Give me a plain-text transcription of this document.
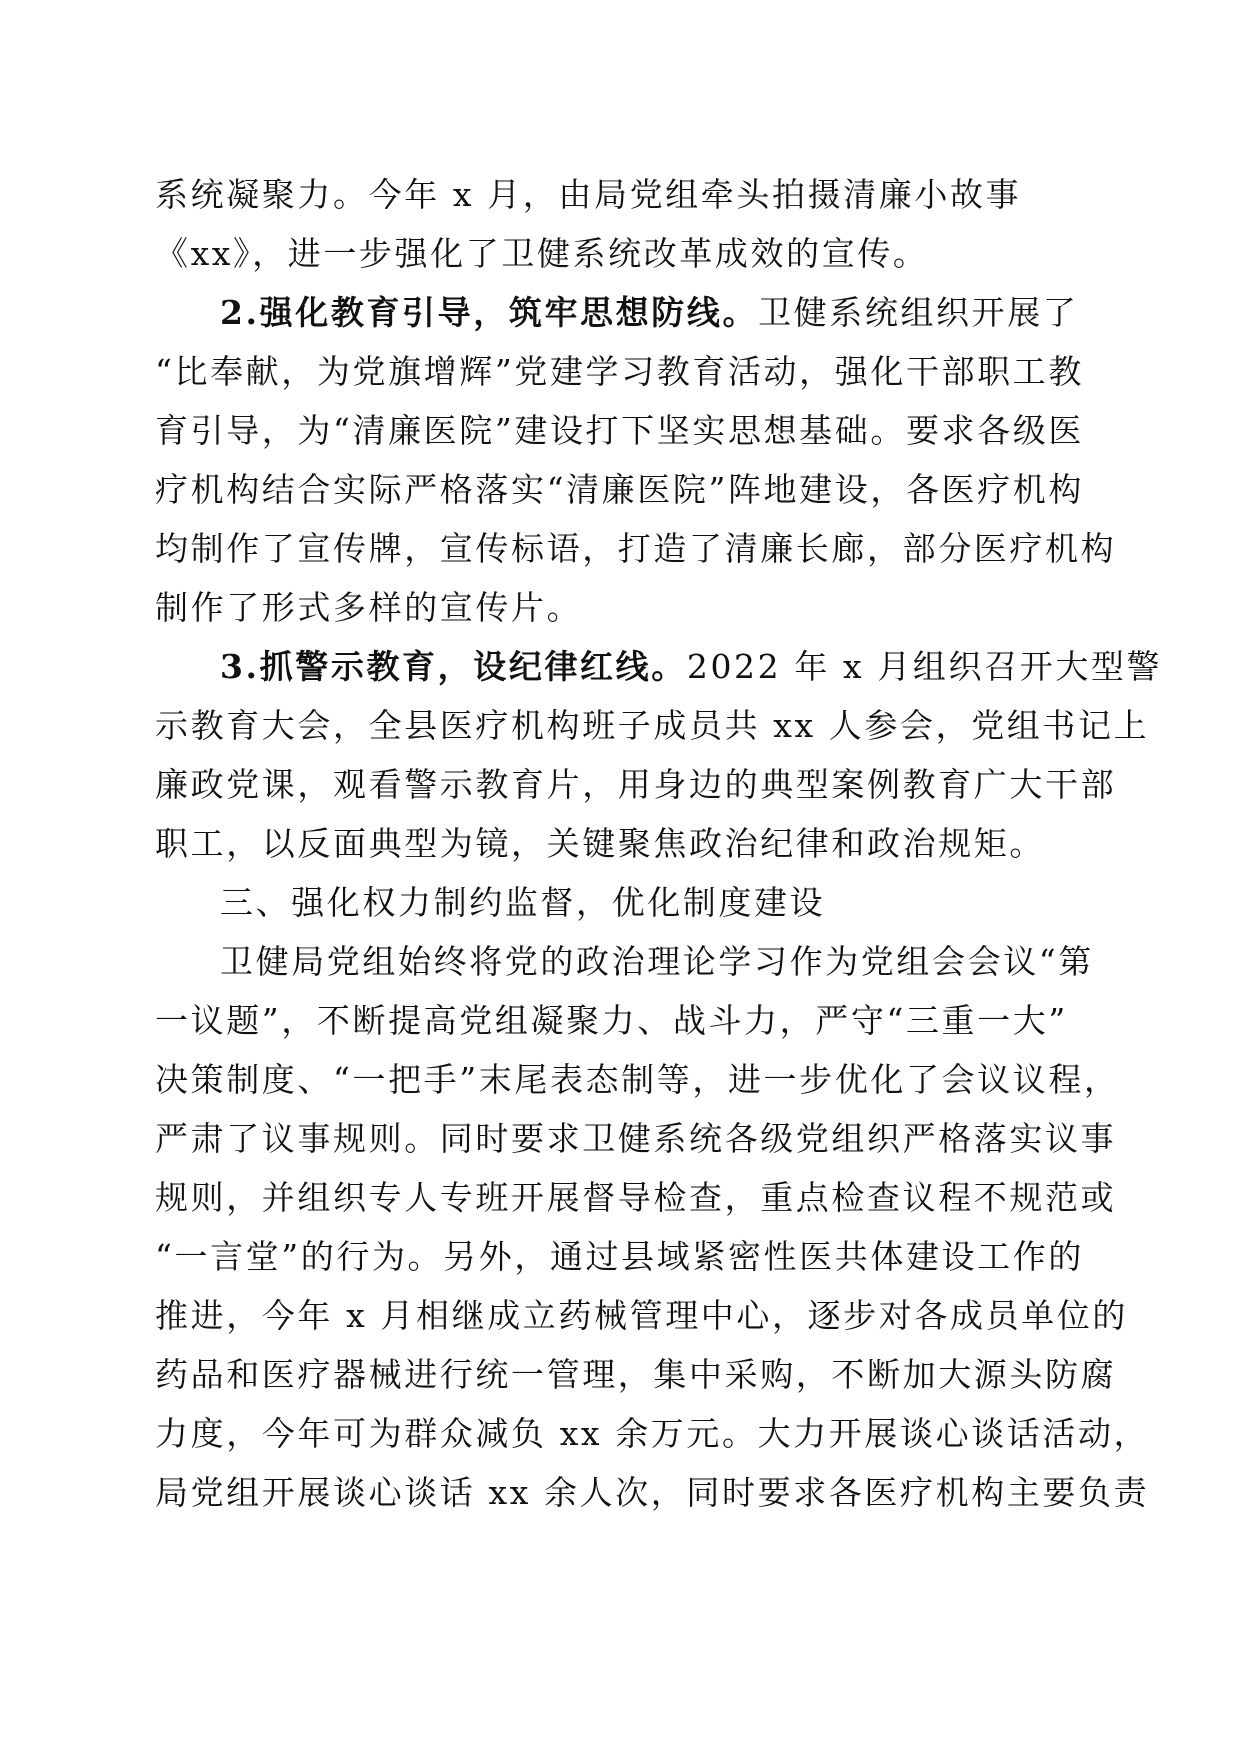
系统凝聚力。今年 x 月，由局党组牵头拍摄清廉小故事
《xx》，进一步强化了卫健系统改革成效的宣传。
2.强化教育引导，筑牢思想防线。卫健系统组织开展了
“比奉献，为党旗增辉”党建学习教育活动，强化干部职工教
育引导，为“清廉医院”建设打下坚实思想基础。要求各级医
疗机构结合实际严格落实“清廉医院”阵地建设，各医疗机构
均制作了宣传牌，宣传标语，打造了清廉长廊，部分医疗机构
制作了形式多样的宣传片。
3.抓警示教育，设纪律红线。2022 年 x 月组织召开大型警
示教育大会，全县医疗机构班子成员共 xx 人参会，党组书记上
廉政党课，观看警示教育片，用身边的典型案例教育广大干部
职工，以反面典型为镜，关键聚焦政治纪律和政治规矩。
三、强化权力制约监督，优化制度建设
卫健局党组始终将党的政治理论学习作为党组会会议“第
一议题”，不断提高党组凝聚力、战斗力，严守“三重一大”
决策制度、“一把手”末尾表态制等，进一步优化了会议议程，
严肃了议事规则。同时要求卫健系统各级党组织严格落实议事
规则，并组织专人专班开展督导检查，重点检查议程不规范或
“一言堂”的行为。另外，通过县域紧密性医共体建设工作的
推进，今年 x 月相继成立药械管理中心，逐步对各成员单位的
药品和医疗器械进行统一管理，集中采购，不断加大源头防腐
力度，今年可为群众减负 xx 余万元。大力开展谈心谈话活动，
局党组开展谈心谈话 xx 余人次，同时要求各医疗机构主要负责
